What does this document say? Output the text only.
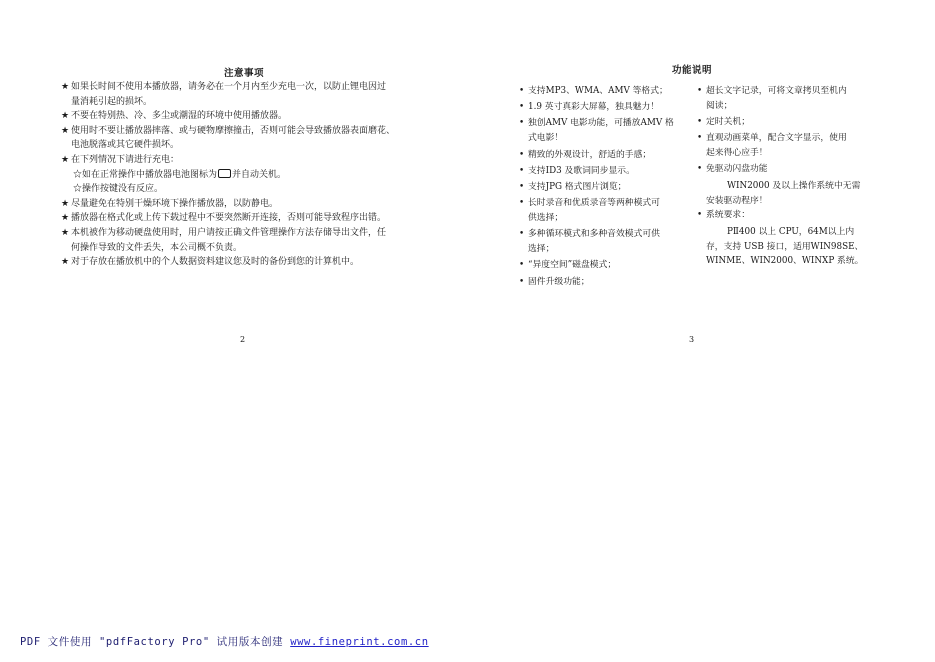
注意事项
★ 如果长时间不使用本播放器，请务必在一个月内至少充电一次，以防止锂电因过
量消耗引起的损坏。
★ 不要在特别热、冷、多尘或潮湿的环境中使用播放器。
★ 使用时不要让播放器摔落、或与硬物摩擦撞击，否则可能会导致播放器表面磨花、
电池脱落或其它硬件损坏。
★ 在下列情况下请进行充电：
☆如在正常操作中播放器电池图标为 并自动关机。
☆操作按键没有反应。
★ 尽量避免在特别干燥环境下操作播放器，以防静电。
★ 播放器在格式化或上传下载过程中不要突然断开连接，否则可能导致程序出错。
★ 本机被作为移动硬盘使用时，用户请按正确文件管理操作方法存储导出文件，任
何操作导致的文件丢失，本公司概不负责。
★ 对于存放在播放机中的个人数据资料建议您及时的备份到您的计算机中。
2
功能说明
• 支持MP3、WMA、AMV 等格式；
• 1.9 英寸真彩大屏幕，独具魅力！
• 独创AMV 电影功能，可播放AMV 格
式电影！
• 精致的外观设计，舒适的手感；
• 支持ID3 及歌词同步显示。
• 支持JPG 格式图片浏览；
• 长时录音和优质录音等两种模式可
供选择；
• 多种循环模式和多种音效模式可供
选择；
• “异度空间”磁盘模式；
• 固件升级功能；
• 超长文字记录，可将文章拷贝至机内
阅读；
• 定时关机；
• 直观动画菜单，配合文字显示，使用
起来得心应手！
• 免驱动闪盘功能
WIN2000 及以上操作系统中无需
安装驱动程序！
• 系统要求：
PⅡ400 以上 CPU，64M以上内
存，支持 USB 接口，适用WIN98SE、
WINME、WIN2000、WINXP 系统。
3
PDF 文件使用 "pdfFactory Pro" 试用版本创建 www.fineprint.com.cn
